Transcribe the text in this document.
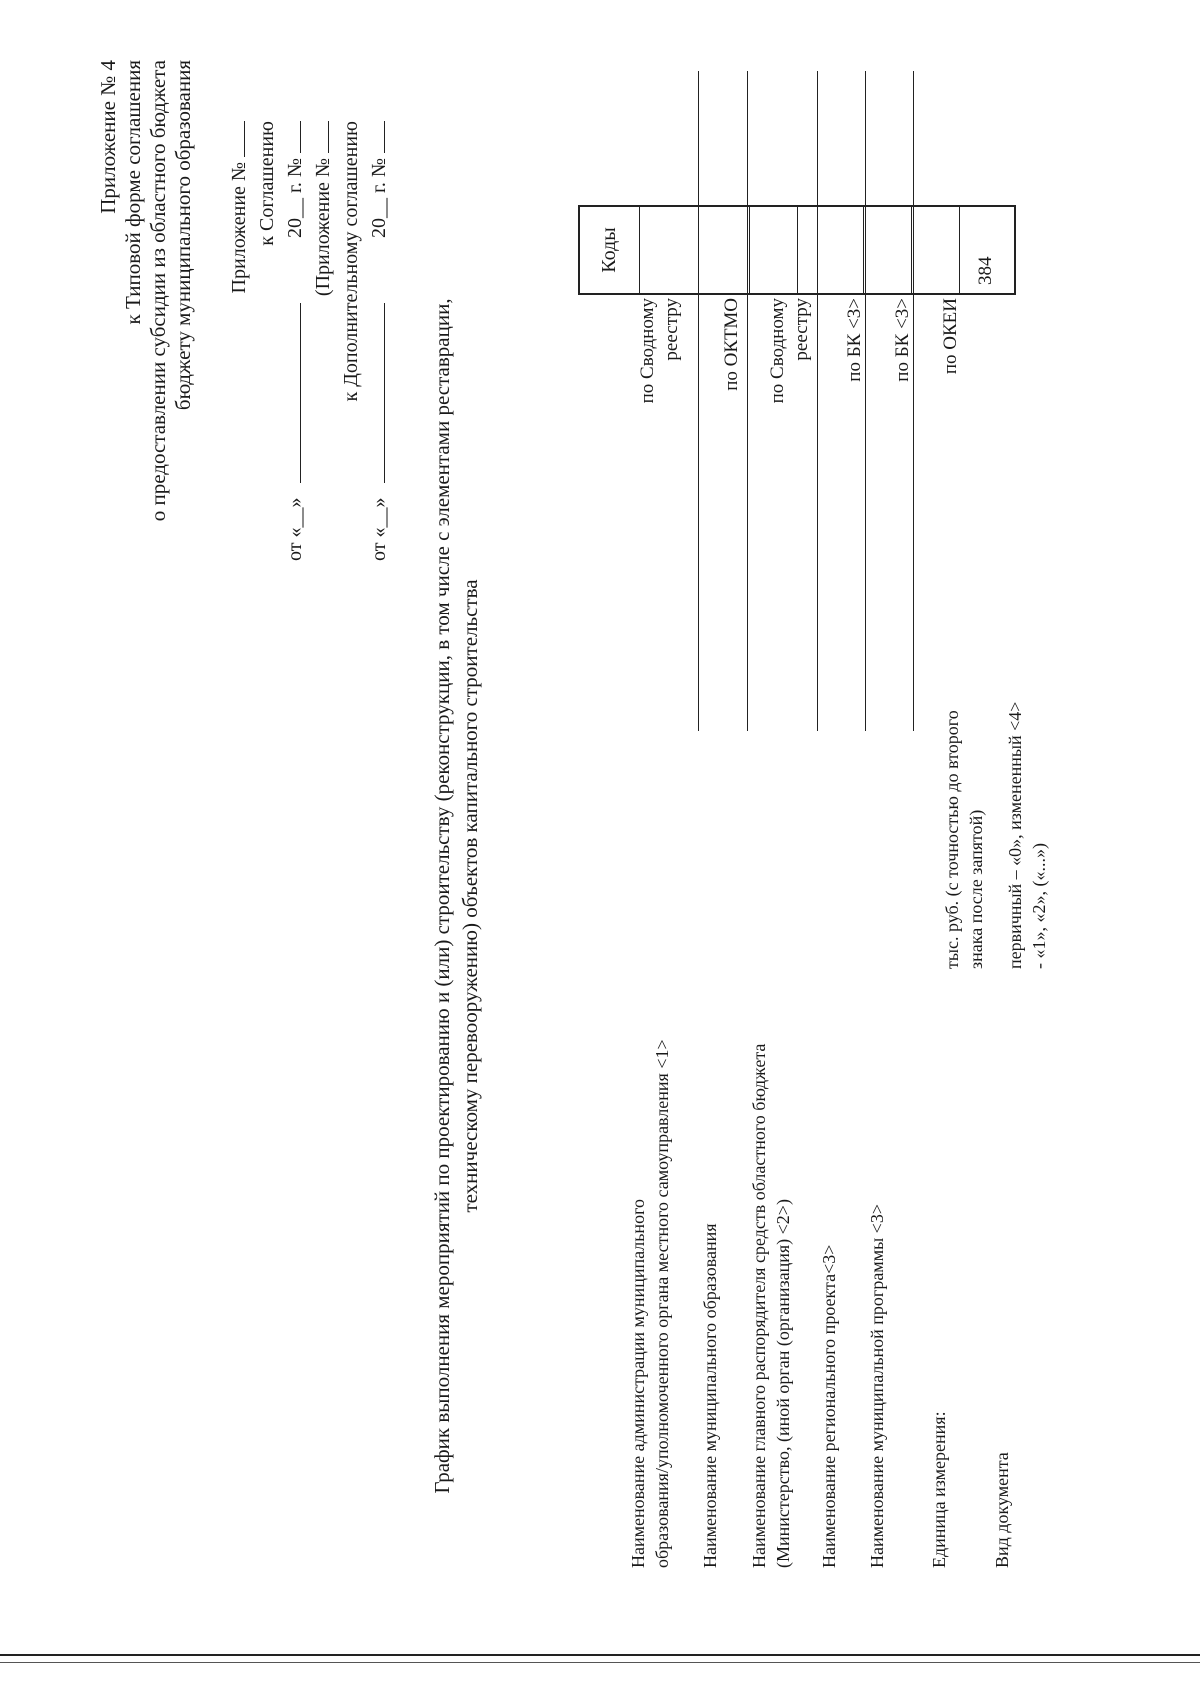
Приложение № 4 к Типовой форме соглашения о предоставлении субсидии из областного бюджета бюджету муниципального образования Приложение № к Соглашению
от «__»
20__ г. № (Приложение № к Дополнительному соглашению
от «__»
20__ г. №
График выполнения мероприятий по проектированию и (или) строительству (реконструкции, в том числе с элементами реставрации, техническому перевооружению) объектов капитального строительства
Наименование администрации муниципального образования/уполномоченного органа местного самоуправления <1> Наименование муниципального образования Наименование главного распорядителя средств областного бюджета (Министерство, (иной орган (организация) <2>) Наименование регионального проекта<3> Наименование муниципальной программы <3> Единица измерения: Вид документа
тыс. руб. (с точностью до второго знака после запятой) первичный – «0», измененный <4> - «1», «2», («...»)
по Сводному реестру по ОКТМО по Сводному реестру по БК <3> по БК <3> по ОКЕИ
Коды	384
